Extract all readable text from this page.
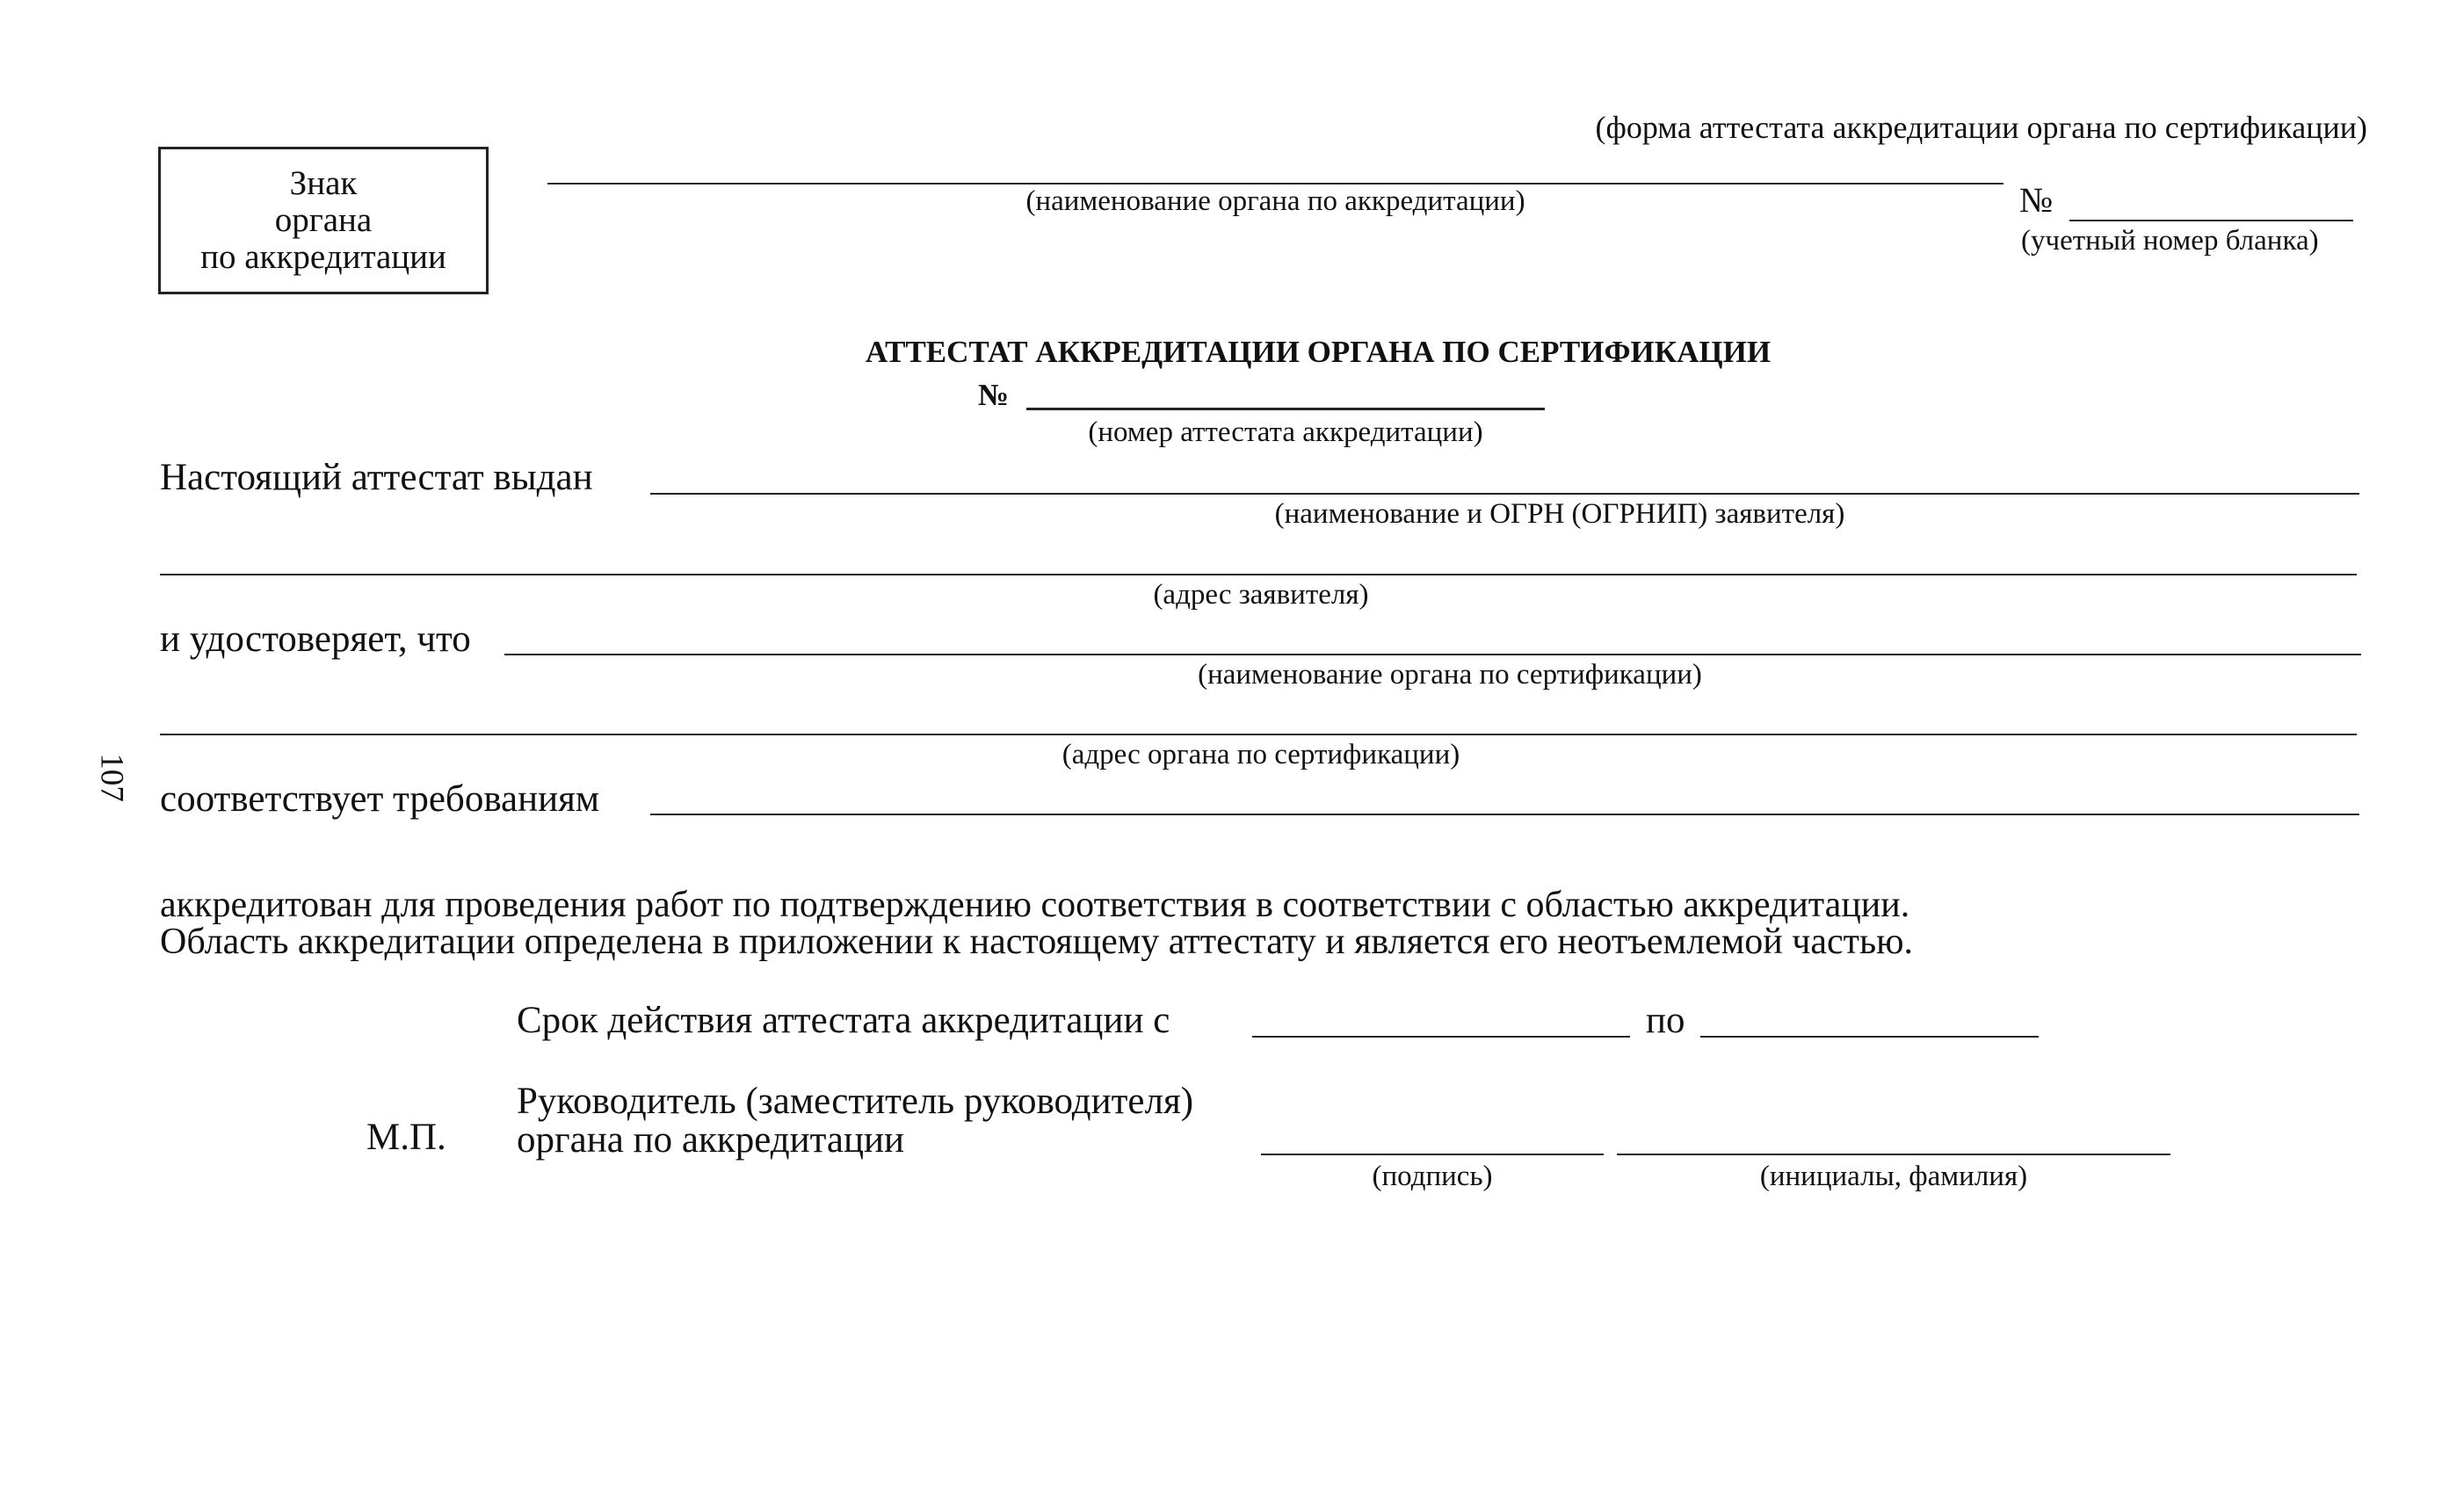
(форма аттестата аккредитации органа по сертификации)
Знак
органа
по аккредитации
(наименование органа по аккредитации)	№
(учетный номер бланка)
АТТЕСТАТ АККРЕДИТАЦИИ ОРГАНА ПО СЕРТИФИКАЦИИ
№
(номер аттестата аккредитации)
Настоящий аттестат выдан
(наименование и ОГРН (ОГРНИП) заявителя)
(адрес заявителя)
и удостоверяет, что
(наименование органа по сертификации)
(адрес органа по сертификации)
соответствует требованиям
аккредитован для проведения работ по подтверждению соответствия в соответствии с областью аккредитации.
Область аккредитации определена в приложении к настоящему аттестату и является его неотъемлемой частью.
Срок действия аттестата аккредитации с	по
М.П.
Руководитель (заместитель руководителя)
органа по аккредитации
(подпись)	(инициалы, фамилия)
107
